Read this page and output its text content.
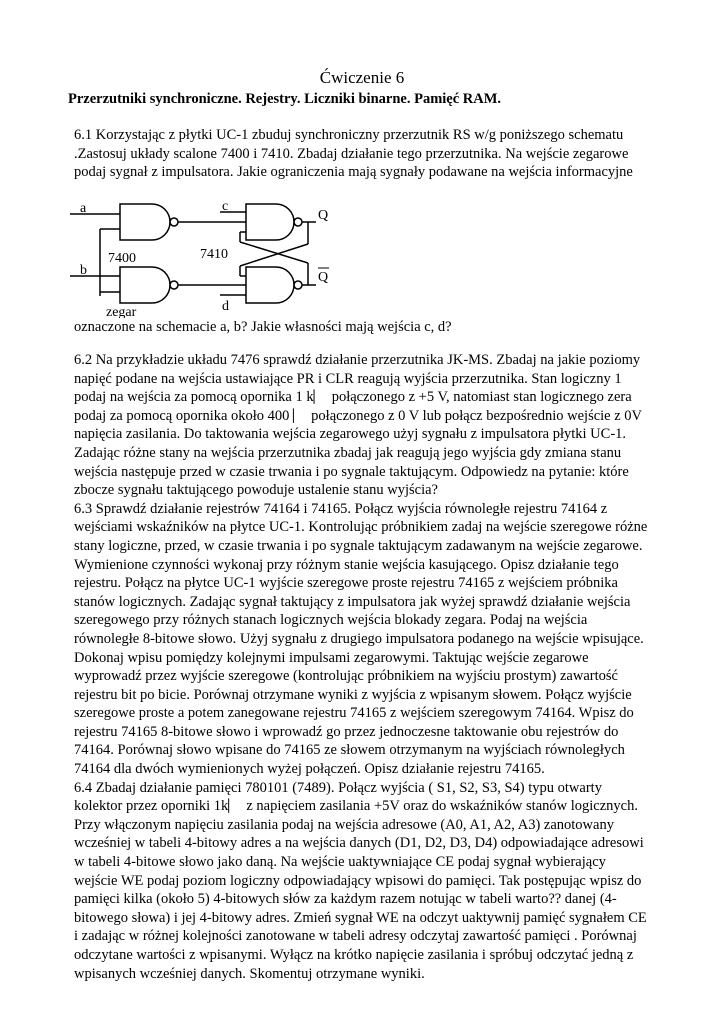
Ćwiczenie 6
Przerzutniki synchroniczne. Rejestry. Liczniki binarne. Pamięć RAM.
6.1 Korzystając z płytki UC-1 zbuduj synchroniczny przerzutnik RS w/g poniższego schematu
.Zastosuj układy scalone 7400 i 7410. Zbadaj działanie tego przerzutnika. Na wejście zegarowe
podaj sygnał z impulsatora. Jakie ograniczenia mają sygnały podawane na wejścia informacyjne
a
b
c
d
Q
Q
7400	7410
zegar
oznaczone na schemacie a, b? Jakie własności mają wejścia c, d?
6.2 Na przykładzie układu 7476 sprawdź działanie przerzutnika JK-MS. Zbadaj na jakie poziomy
napięć podane na wejścia ustawiające PR i CLR reagują wyjścia przerzutnika. Stan logiczny 1
podaj na wejścia za pomocą opornika 1 k⎸ połączonego z +5 V, natomiast stan logicznego zera
podaj za pomocą opornika około 400 ⎸ połączonego z 0 V lub połącz bezpośrednio wejście z 0V
napięcia zasilania. Do taktowania wejścia zegarowego użyj sygnału z impulsatora płytki UC-1.
Zadając różne stany na wejścia przerzutnika zbadaj jak reagują jego wyjścia gdy zmiana stanu
wejścia następuje przed w czasie trwania i po sygnale taktującym. Odpowiedz na pytanie: które
zbocze sygnału taktującego powoduje ustalenie stanu wyjścia?
6.3 Sprawdź działanie rejestrów 74164 i 74165. Połącz wyjścia równoległe rejestru 74164 z
wejściami wskaźników na płytce UC-1. Kontrolując próbnikiem zadaj na wejście szeregowe różne
stany logiczne, przed, w czasie trwania i po sygnale taktującym zadawanym na wejście zegarowe.
Wymienione czynności wykonaj przy różnym stanie wejścia kasującego. Opisz działanie tego
rejestru. Połącz na płytce UC-1 wyjście szeregowe proste rejestru 74165 z wejściem próbnika
stanów logicznych. Zadając sygnał taktujący z impulsatora jak wyżej sprawdź działanie wejścia
szeregowego przy różnych stanach logicznych wejścia blokady zegara. Podaj na wejścia
równoległe 8-bitowe słowo. Użyj sygnału z drugiego impulsatora podanego na wejście wpisujące.
Dokonaj wpisu pomiędzy kolejnymi impulsami zegarowymi. Taktując wejście zegarowe
wyprowadź przez wyjście szeregowe (kontrolując próbnikiem na wyjściu prostym) zawartość
rejestru bit po bicie. Porównaj otrzymane wyniki z wyjścia z wpisanym słowem. Połącz wyjście
szeregowe proste a potem zanegowane rejestru 74165 z wejściem szeregowym 74164. Wpisz do
rejestru 74165 8-bitowe słowo i wprowadź go przez jednoczesne taktowanie obu rejestrów do
74164. Porównaj słowo wpisane do 74165 ze słowem otrzymanym na wyjściach równoległych
74164 dla dwóch wymienionych wyżej połączeń. Opisz działanie rejestru 74165.
6.4 Zbadaj działanie pamięci 780101 (7489). Połącz wyjścia ( S1, S2, S3, S4) typu otwarty
kolektor przez oporniki 1k⎸ z napięciem zasilania +5V oraz do wskaźników stanów logicznych.
Przy włączonym napięciu zasilania podaj na wejścia adresowe (A0, A1, A2, A3) zanotowany
wcześniej w tabeli 4-bitowy adres a na wejścia danych (D1, D2, D3, D4) odpowiadające adresowi
w tabeli 4-bitowe słowo jako daną. Na wejście uaktywniające CE podaj sygnał wybierający
wejście WE podaj poziom logiczny odpowiadający wpisowi do pamięci. Tak postępując wpisz do
pamięci kilka (około 5) 4-bitowych słów za każdym razem notując w tabeli warto?? danej (4-
bitowego słowa) i jej 4-bitowy adres. Zmień sygnał WE na odczyt uaktywnij pamięć sygnałem CE
i zadając w różnej kolejności zanotowane w tabeli adresy odczytaj zawartość pamięci . Porównaj
odczytane wartości z wpisanymi. Wyłącz na krótko napięcie zasilania i spróbuj odczytać jedną z
wpisanych wcześniej danych. Skomentuj otrzymane wyniki.
